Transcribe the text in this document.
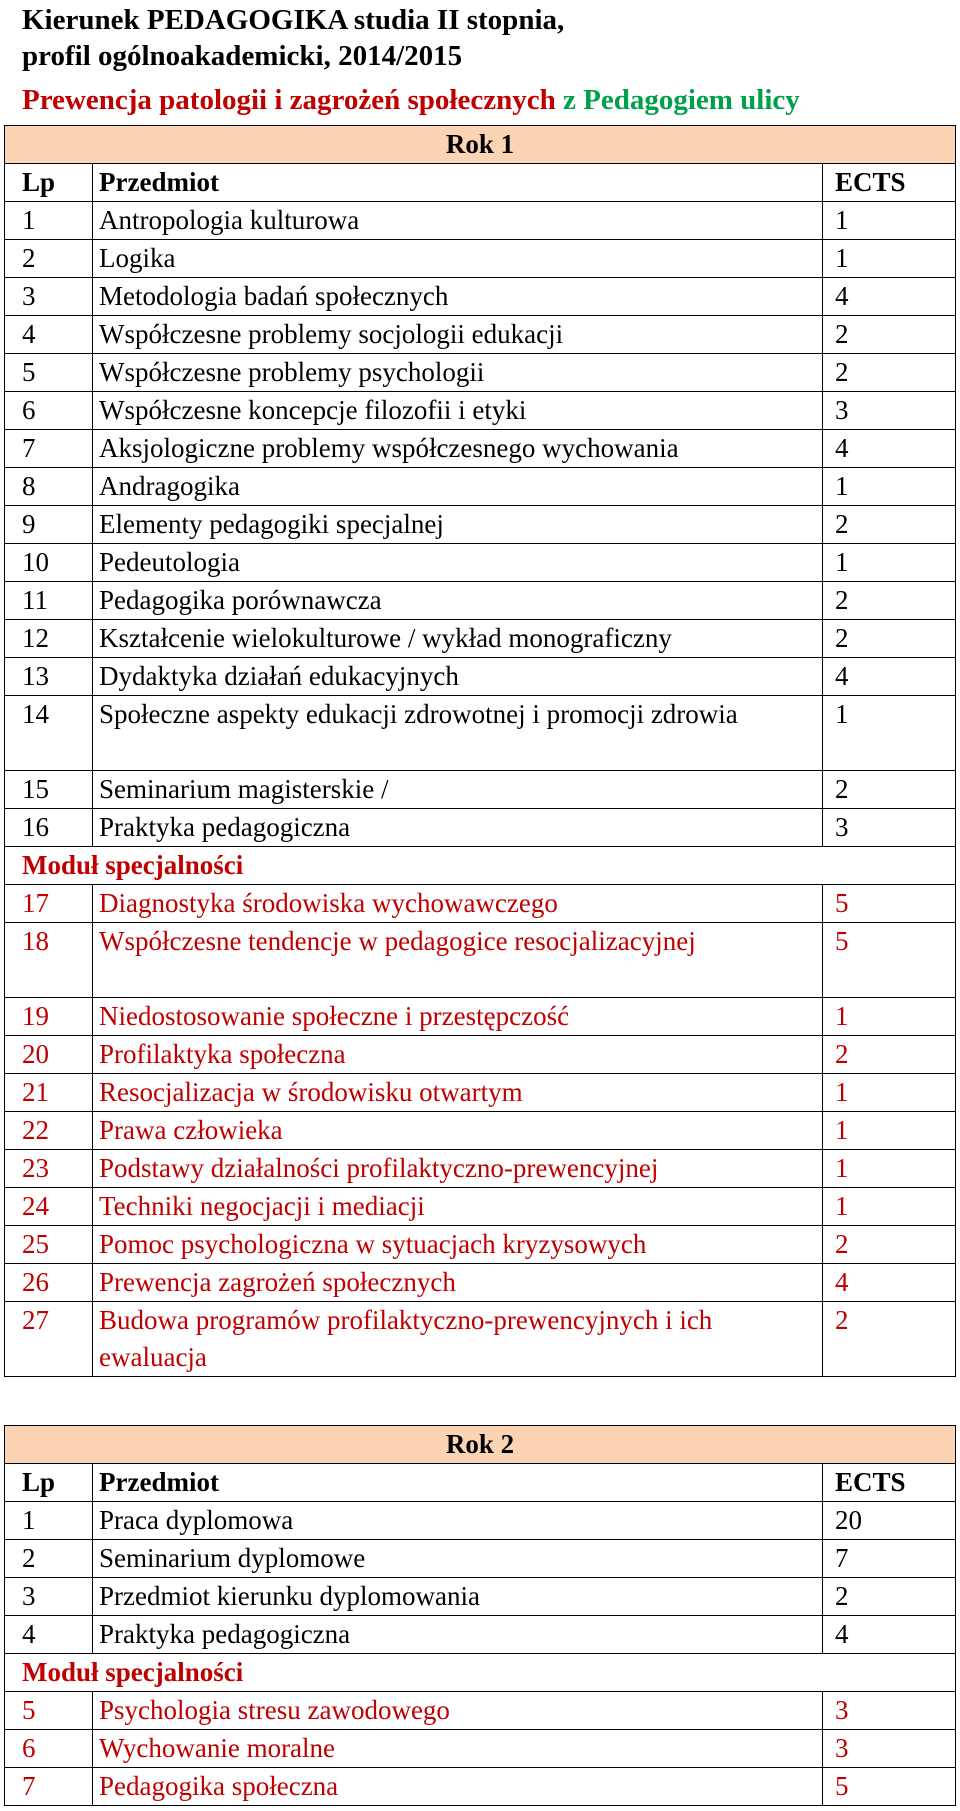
Kierunek PEDAGOGIKA studia II stopnia,
profil ogólnoakademicki, 2014/2015
Prewencja patologii i zagrożeń społecznych z Pedagogiem ulicy
Rok 1		
Lp	Przedmiot	ECTS
1	Antropologia kulturowa	1
2	Logika	1
3	Metodologia badań społecznych	4
4	Współczesne problemy socjologii edukacji	2
5	Współczesne problemy psychologii	2
6	Współczesne koncepcje filozofii i etyki	3
7	Aksjologiczne problemy współczesnego wychowania	4
8	Andragogika	1
9	Elementy pedagogiki specjalnej	2
10	Pedeutologia	1
11	Pedagogika porównawcza	2
12	Kształcenie wielokulturowe / wykład monograficzny	2
13	Dydaktyka działań edukacyjnych	4
14	Społeczne aspekty edukacji zdrowotnej i promocji zdrowia	1
15	Seminarium magisterskie /	2
16	Praktyka pedagogiczna	3
Moduł specjalności		
17	Diagnostyka środowiska wychowawczego	5
18	Współczesne tendencje w pedagogice resocjalizacyjnej	5
19	Niedostosowanie społeczne i przestępczość	1
20	Profilaktyka społeczna	2
21	Resocjalizacja w środowisku otwartym	1
22	Prawa człowieka	1
23	Podstawy działalności profilaktyczno-prewencyjnej	1
24	Techniki negocjacji i mediacji	1
25	Pomoc psychologiczna w sytuacjach kryzysowych	2
26	Prewencja zagrożeń społecznych	4
27	Budowa programów profilaktyczno-prewencyjnych i ich ewaluacja	2
Rok 2		
Lp	Przedmiot	ECTS
1	Praca dyplomowa	20
2	Seminarium dyplomowe	7
3	Przedmiot kierunku dyplomowania	2
4	Praktyka pedagogiczna	4
Moduł specjalności		
5	Psychologia stresu zawodowego	3
6	Wychowanie moralne	3
7	Pedagogika społeczna	5
